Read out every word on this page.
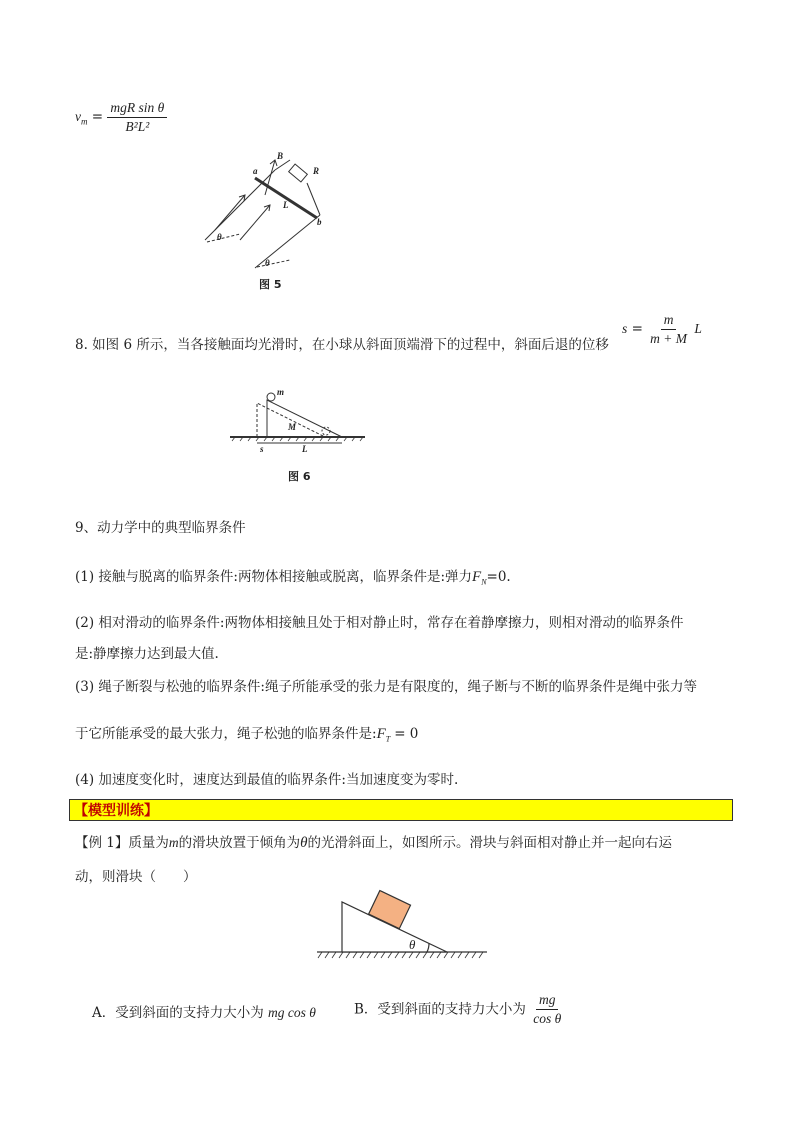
$v_m = \frac{\text{mgR sin θ}}{\text{B²L²}}$
B
R
a
L
b
θ
θ
图 5
8. 如图 6 所示，当各接触面均光滑时，在小球从斜面顶端滑下的过程中，斜面后退的位移
$s = \frac{m}{m + M}$ L
m
M
s	L
图 6
9、动力学中的典型临界条件
(1) 接触与脱离的临界条件:两物体相接触或脱离，临界条件是:弹力$F_N=0$.
(2) 相对滑动的临界条件:两物体相接触且处于相对静止时，常存在着静摩擦力，则相对滑动的临界条件
是:静摩擦力达到最大值.
(3) 绳子断裂与松弛的临界条件:绳子所能承受的张力是有限度的，绳子断与不断的临界条件是绳中张力等
于它所能承受的最大张力，绳子松弛的临界条件是$:F_T = 0$
(4) 加速度变化时，速度达到最值的临界条件:当加速度变为零时.
【模型训练】
【例 1】质量为m的滑块放置于倾角为θ的光滑斜面上，如图所示。滑块与斜面相对静止并一起向右运
动，则滑块（　　）
θ
A．受到斜面的支持力大小为 mg cos θ	B．受到斜面的支持力大小为 $\frac{mg}{\text{cos θ}}$
